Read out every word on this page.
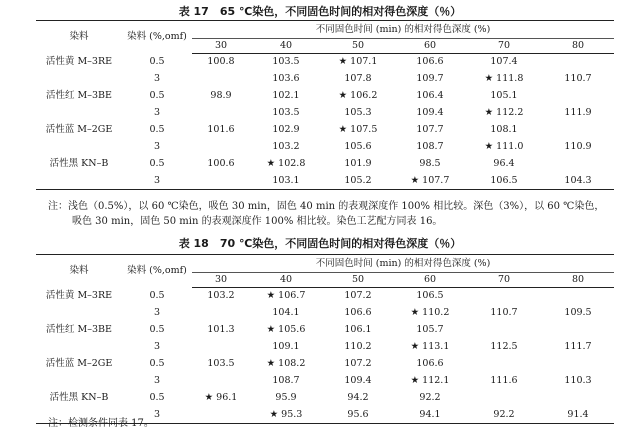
表 17　65 ℃染色，不同固色时间的相对得色深度（％）
染料	染料 (%,omf)	不同固色时间 (min) 的相对得色深度 (%)					
		30	40	50	60	70	80
活性黄 M–3RE	0.5	100.8	103.5	★ 107.1	106.6	107.4	
	3		103.6	107.8	109.7	★ 111.8	110.7
活性红 M–3BE	0.5	98.9	102.1	★ 106.2	106.4	105.1	
	3		103.5	105.3	109.4	★ 112.2	111.9
活性蓝 M–2GE	0.5	101.6	102.9	★ 107.5	107.7	108.1	
	3		103.2	105.6	108.7	★ 111.0	110.9
活性黑 KN–B	0.5	100.6	★ 102.8	101.9	98.5	96.4	
	3		103.1	105.2	★ 107.7	106.5	104.3
注：浅色（0.5%），以 60 ℃染色，吸色 30 min，固色 40 min 的表观深度作 100% 相比较。深色（3%），以 60 ℃染色，
吸色 30 min，固色 50 min 的表观深度作 100% 相比较。染色工艺配方同表 16。
表 18　70 ℃染色，不同固色时间的相对得色深度（％）
染料	染料 (%,omf)	不同固色时间 (min) 的相对得色深度 (%)					
		30	40	50	60	70	80
活性黄 M–3RE	0.5	103.2	★ 106.7	107.2	106.5		
	3		104.1	106.6	★ 110.2	110.7	109.5
活性红 M–3BE	0.5	101.3	★ 105.6	106.1	105.7		
	3		109.1	110.2	★ 113.1	112.5	111.7
活性蓝 M–2GE	0.5	103.5	★ 108.2	107.2	106.6		
	3		108.7	109.4	★ 112.1	111.6	110.3
活性黑 KN–B	0.5	★ 96.1	95.9	94.2	92.2		
	3		★ 95.3	95.6	94.1	92.2	91.4
注：检测条件同表 17。
